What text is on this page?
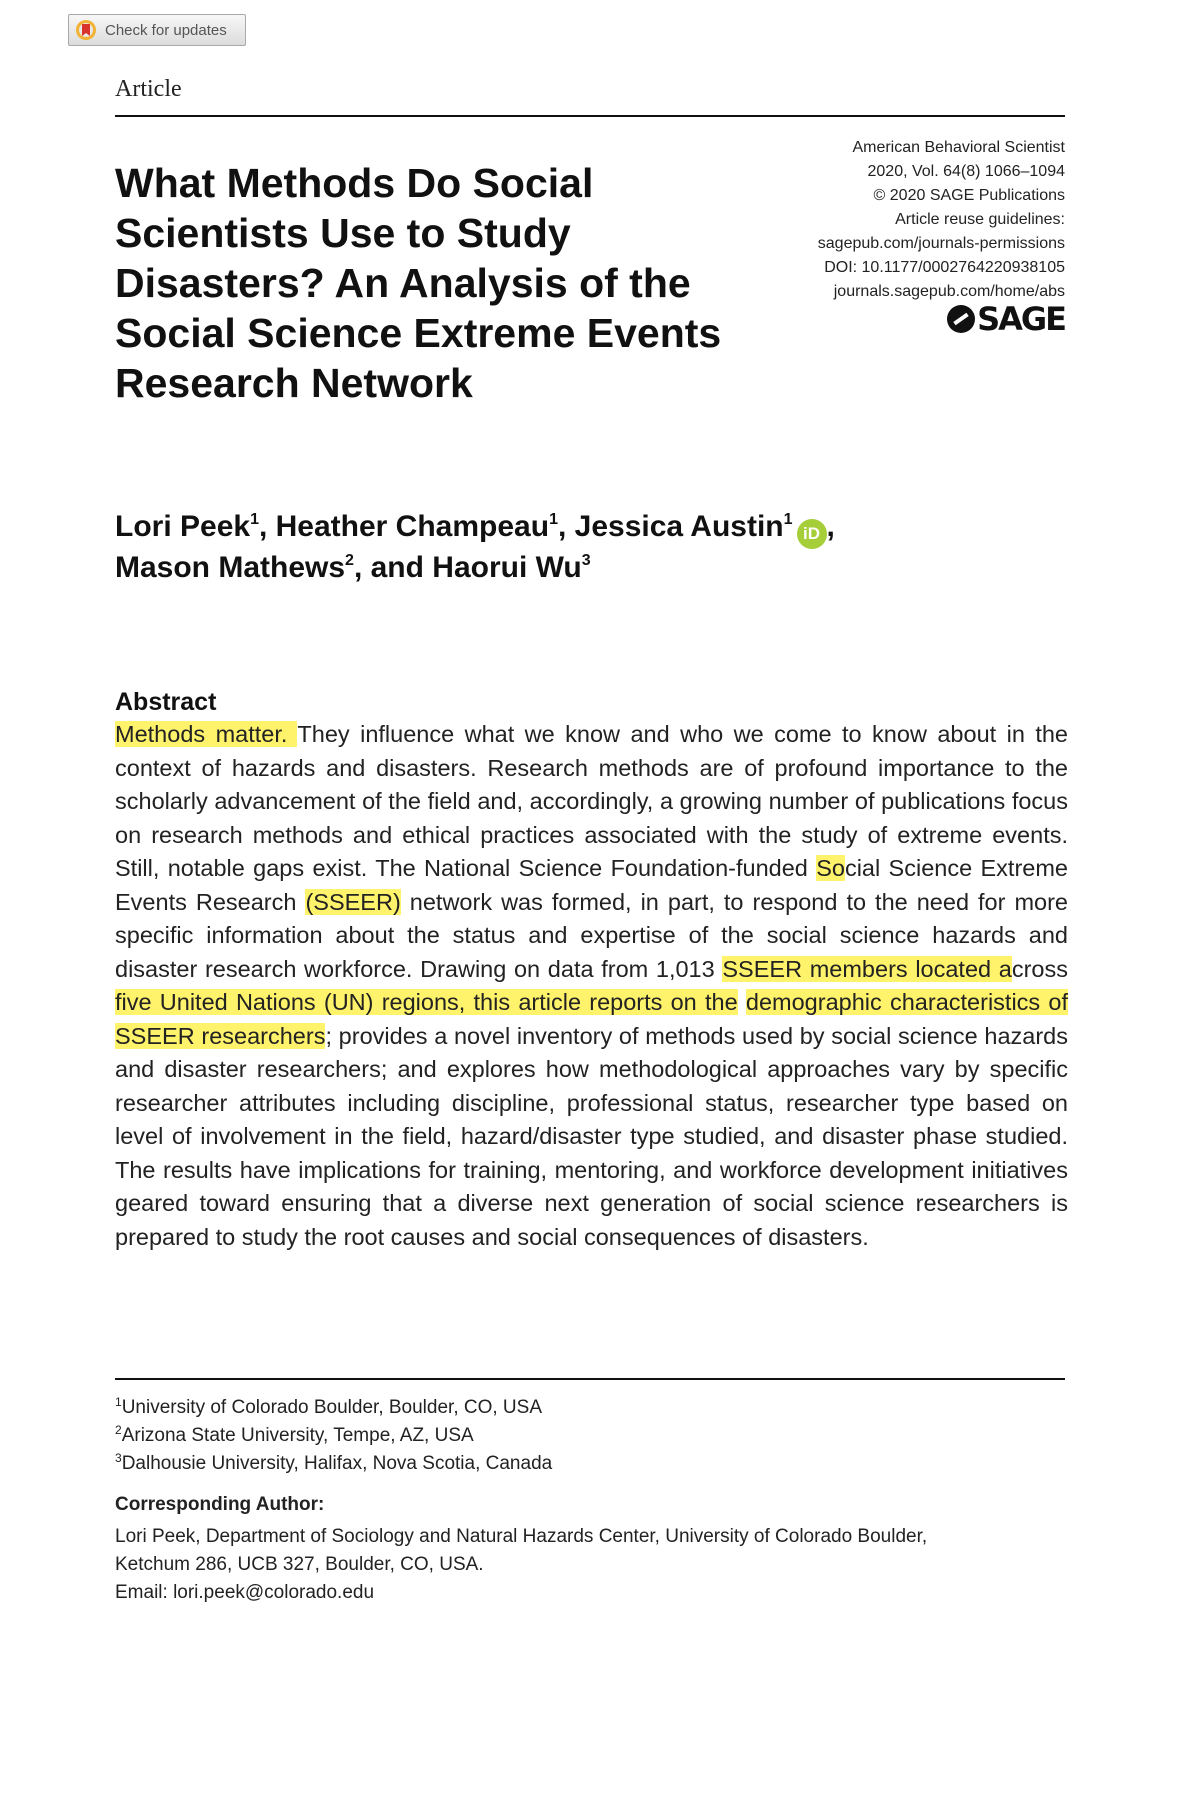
Check for updates
Article
American Behavioral Scientist
2020, Vol. 64(8) 1066–1094
© 2020 SAGE Publications
Article reuse guidelines:
sagepub.com/journals-permissions
DOI: 10.1177/0002764220938105
journals.sagepub.com/home/abs
SAGE
What Methods Do Social Scientists Use to Study Disasters? An Analysis of the Social Science Extreme Events Research Network
Lori Peek$^1$, Heather Champeau$^1$, Jessica Austin$^1$iD ,
Mason Mathews$^2$, and Haorui Wu$^3$
Abstract

Methods matter. They influence what we know and who we come to know about in the context of hazards and disasters. Research methods are of profound importance to the scholarly advancement of the field and, accordingly, a growing number of publications focus on research methods and ethical practices associated with the study of extreme events. Still, notable gaps exist. The National Science Foundation-funded Social Science Extreme Events Research (SSEER) network was formed, in part, to respond to the need for more specific information about the status and expertise of the social science hazards and disaster research workforce. Drawing on data from 1,013 SSEER members located across five United Nations (UN) regions, this article reports on the demographic characteristics of SSEER researchers; provides a novel inventory of methods used by social science hazards and disaster researchers; and explores how methodological approaches vary by specific researcher attributes including discipline, professional status, researcher type based on level of involvement in the field, hazard/disaster type studied, and disaster phase studied. The results have implications for training, mentoring, and workforce development initiatives geared toward ensuring that a diverse next generation of social science researchers is prepared to study the root causes and social consequences of disasters.

$^1$University of Colorado Boulder, Boulder, CO, USA
$^2$Arizona State University, Tempe, AZ, USA
$^3$Dalhousie University, Halifax, Nova Scotia, Canada
Corresponding Author:
Lori Peek, Department of Sociology and Natural Hazards Center, University of Colorado Boulder,
Ketchum 286, UCB 327, Boulder, CO, USA.
Email: lori.peek@colorado.edu
